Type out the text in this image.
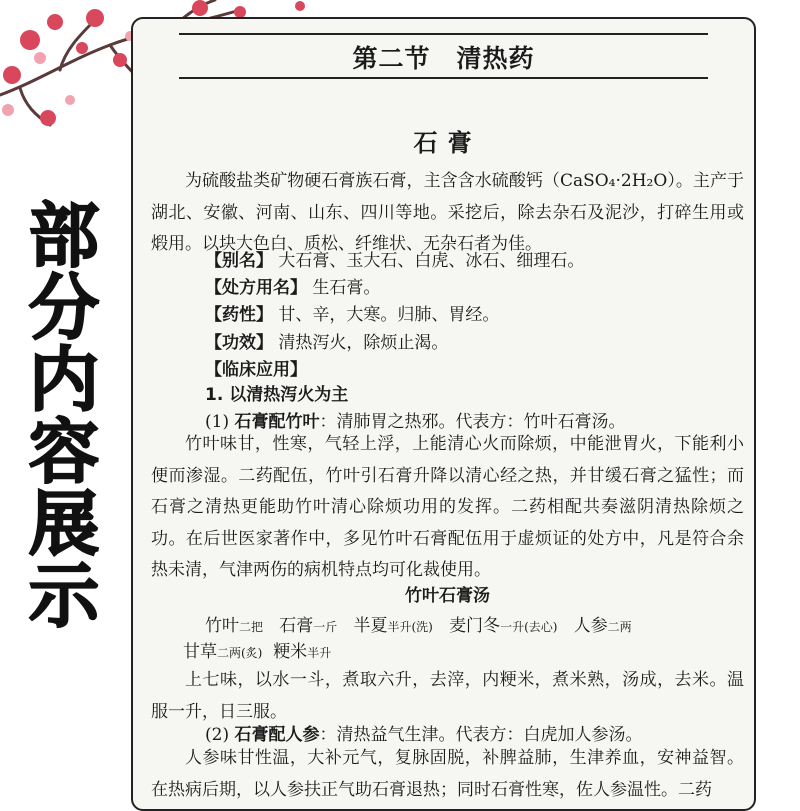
部
分
内
容
展
示
第二节　清热药
石膏

为硫酸盐类矿物硬石膏族石膏，主含含水硫酸钙（CaSO₄·2H₂O）。主产于湖北、安徽、河南、山东、四川等地。采挖后，除去杂石及泥沙，打碎生用或煅用。以块大色白、质松、纤维状、无杂石者为佳。

【别名】 大石膏、玉大石、白虎、冰石、细理石。
【处方用名】 生石膏。
【药性】 甘、辛，大寒。归肺、胃经。
【功效】 清热泻火，除烦止渴。
【临床应用】
1. 以清热泻火为主
(1) 石膏配竹叶：清肺胃之热邪。代表方：竹叶石膏汤。

竹叶味甘，性寒，气轻上浮，上能清心火而除烦，中能泄胃火，下能利小便而渗湿。二药配伍，竹叶引石膏升降以清心经之热，并甘缓石膏之猛性；而石膏之清热更能助竹叶清心除烦功用的发挥。二药相配共奏滋阴清热除烦之功。在后世医家著作中，多见竹叶石膏配伍用于虚烦证的处方中，凡是符合余热未清，气津两伤的病机特点均可化裁使用。

竹叶石膏汤
竹叶二把 石膏一斤 半夏半升(洗) 麦门冬一升(去心) 人参二两
甘草二两(炙) 粳米半升

上七味，以水一斗，煮取六升，去滓，内粳米，煮米熟，汤成，去米。温服一升，日三服。

(2) 石膏配人参：清热益气生津。代表方：白虎加人参汤。

人参味甘性温，大补元气，复脉固脱，补脾益肺，生津养血，安神益智。在热病后期，以人参扶正气助石膏退热；同时石膏性寒，佐人参温性。二药
